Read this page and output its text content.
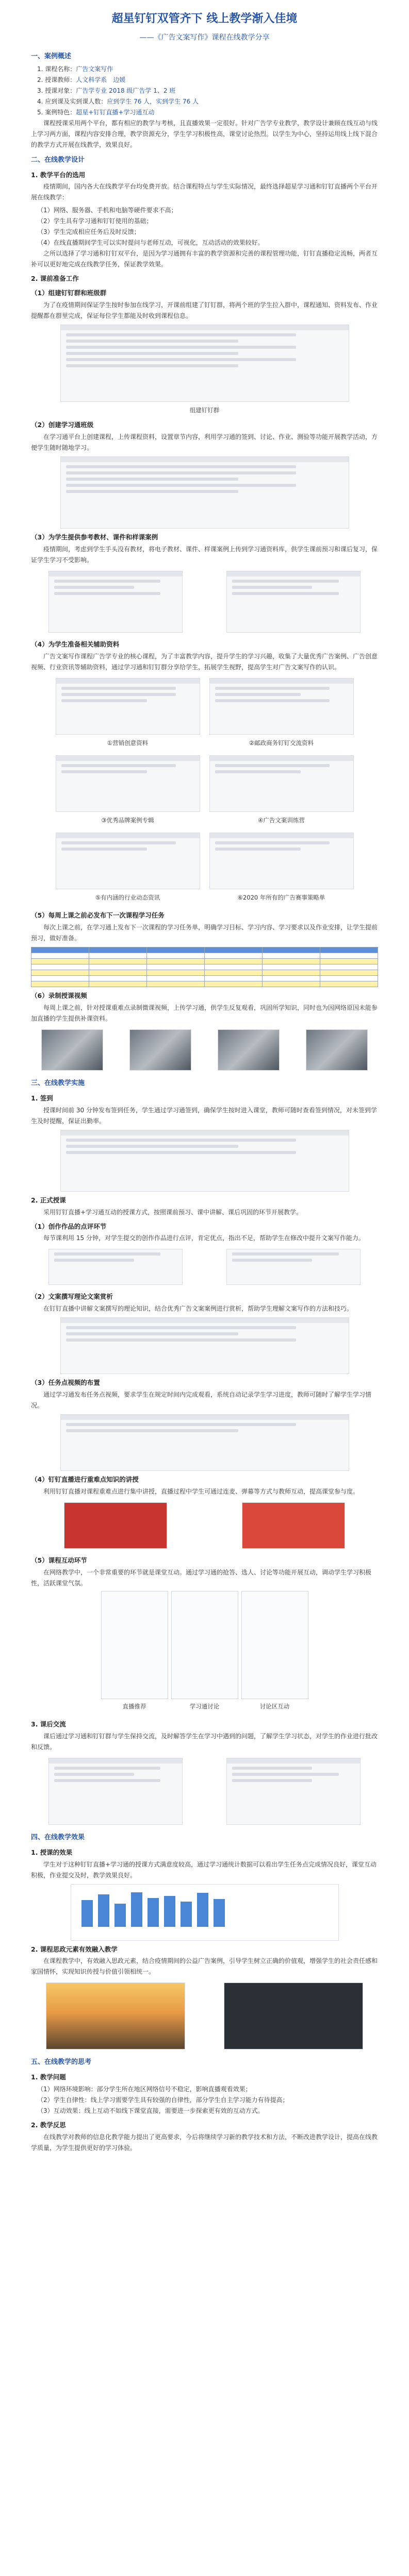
超星钉钉双管齐下 线上教学渐入佳境
——《广告文案写作》课程在线教学分享
一、案例概述
1. 课程名称：广告文案写作
2. 授课教师：人文科学系　边媛
3. 授课对象：广告学专业 2018 级广告学 1、2 班
4. 应到课及实到课人数：应到学生 76 人，实到学生 76 人
5. 案例特色：超星+钉钉直播+学习通互动
课程授课采用两个平台，都有相应的教学与考核，且直播效果一定很好。针对广告学专业教学，教学设计兼顾在线互动与线上学习两方面，课程内容安排合理，教学资源充分，学生学习积极性高，课堂讨论热烈。以学生为中心，坚持运用线上线下混合的教学方式开展在线教学，效果良好。
二、在线教学设计
1. 教学平台的选用
疫情期间，国内各大在线教学平台均免费开放。结合课程特点与学生实际情况，最终选择超星学习通和钉钉直播两个平台开展在线教学：
（1）网络、服务器、手机和电脑等硬件要求不高；
（2）学生具有学习通和钉钉使用的基础；
（3）学生完成相应任务后及时反馈；
（4）在线直播期间学生可以实时提问与老师互动，可视化，互动活动的效果较好。
之所以选择了学习通和钉钉双平台，是因为学习通拥有丰富的教学资源和完善的课程管理功能，钉钉直播稳定流畅，两者互补可以更好地完成在线教学任务，保证教学效果。
2. 课前准备工作
（1）组建钉钉群和班级群
为了在疫情期间保证学生按时参加在线学习，开课前组建了钉钉群，将两个班的学生拉入群中，课程通知、资料发布、作业提醒都在群里完成，保证每位学生都能及时收到课程信息。
组建钉钉群
（2）创建学习通班级
在学习通平台上创建课程，上传课程资料，设置章节内容，利用学习通的签到、讨论、作业、测验等功能开展教学活动，方便学生随时随地学习。
（3）为学生提供参考教材、课件和样课案例
疫情期间，考虑到学生手头没有教材，将电子教材、课件、样课案例上传到学习通资料库，供学生课前预习和课后复习，保证学生学习不受影响。
（4）为学生准备相关辅助资料
广告文案写作课程广告学专业的核心课程，为了丰富教学内容，提升学生的学习兴趣，收集了大量优秀广告案例、广告创意视频、行业资讯等辅助资料，通过学习通和钉钉群分享给学生，拓展学生视野，提高学生对广告文案写作的认识。
①营销创意资料	②邮政商务钉钉交流资料
③优秀品牌案例专辑	④广告文案训练营
⑤有内涵的行业动态资讯	⑥2020 年所有的广告赛事策略单
（5）每周上课之前必发布下一次课程学习任务
每次上课之前，在学习通上发布下一次课程的学习任务单，明确学习目标、学习内容、学习要求以及作业安排，让学生提前预习，做好准备。

（6）录制授课视频
每周上课之前，针对授课重难点录制微课视频，上传学习通，供学生反复观看，巩固所学知识，同时也为因网络原因未能参加直播的学生提供补课资料。
三、在线教学实施
1. 签到
授课时间前 30 分钟发布签到任务，学生通过学习通签到，确保学生按时进入课堂，教师可随时查看签到情况，对未签到学生及时提醒，保证出勤率。
2. 正式授课
采用钉钉直播+学习通互动的授课方式，按照课前预习、课中讲解、课后巩固的环节开展教学。
（1）创作作品的点评环节
每节课利用 15 分钟，对学生提交的创作作品进行点评，肯定优点，指出不足，帮助学生在修改中提升文案写作能力。
（2）文案撰写理论文案赏析
在钉钉直播中讲解文案撰写的理论知识，结合优秀广告文案案例进行赏析，帮助学生理解文案写作的方法和技巧。
（3）任务点视频的布置
通过学习通发布任务点视频，要求学生在规定时间内完成观看，系统自动记录学生学习进度，教师可随时了解学生学习情况。
（4）钉钉直播进行重难点知识的讲授
利用钉钉直播对课程重难点进行集中讲授，直播过程中学生可通过连麦、弹幕等方式与教师互动，提高课堂参与度。
（5）课程互动环节
在网络教学中，一个非常重要的环节就是课堂互动。通过学习通的抢答、选人、讨论等功能开展互动，调动学生学习积极性，活跃课堂气氛。
直播推荐	学习通讨论	讨论区互动
3. 课后交流
课后通过学习通和钉钉群与学生保持交流，及时解答学生在学习中遇到的问题，了解学生学习状态，对学生的作业进行批改和反馈。
四、在线教学效果
1. 授课的效果
学生对于这种钉钉直播+学习通的授课方式满意度较高，通过学习通统计数据可以看出学生任务点完成情况良好，课堂互动积极，作业提交及时，教学效果良好。
2. 课程思政元素有效融入教学
在课程教学中，有效融入思政元素，结合疫情期间的公益广告案例，引导学生树立正确的价值观，增强学生的社会责任感和家国情怀，实现知识传授与价值引领相统一。
五、在线教学的思考
1. 教学问题
（1）网络环境影响：部分学生所在地区网络信号不稳定，影响直播观看效果；
（2）学生自律性：线上学习需要学生具有较强的自律性，部分学生自主学习能力有待提高；
（3）互动效果：线上互动不如线下课堂直接，需要进一步探索更有效的互动方式。
2. 教学反思
在线教学对教师的信息化教学能力提出了更高要求，今后将继续学习新的教学技术和方法，不断改进教学设计，提高在线教学质量，为学生提供更好的学习体验。
